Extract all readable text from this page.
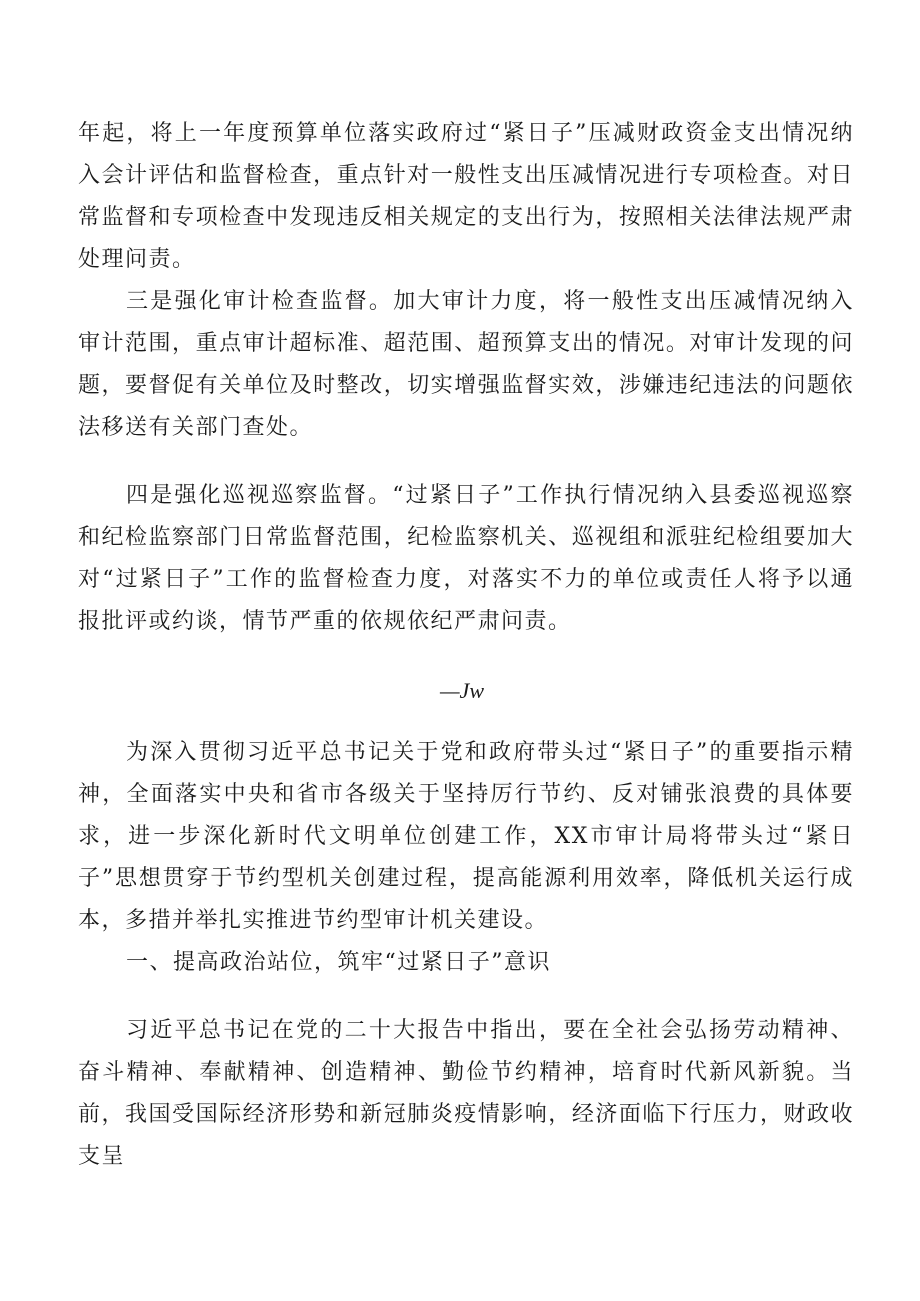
年起，将上一年度预算单位落实政府过“紧日子”压减财政资金支出情况纳入会计评估和监督检查，重点针对一般性支出压减情况进行专项检查。对日常监督和专项检查中发现违反相关规定的支出行为，按照相关法律法规严肃处理问责。

三是强化审计检查监督。加大审计力度，将一般性支出压减情况纳入审计范围，重点审计超标准、超范围、超预算支出的情况。对审计发现的问题，要督促有关单位及时整改，切实增强监督实效，涉嫌违纪违法的问题依法移送有关部门查处。

四是强化巡视巡察监督。“过紧日子”工作执行情况纳入县委巡视巡察和纪检监察部门日常监督范围，纪检监察机关、巡视组和派驻纪检组要加大对“过紧日子”工作的监督检查力度，对落实不力的单位或责任人将予以通报批评或约谈，情节严重的依规依纪严肃问责。

—Jw

为深入贯彻习近平总书记关于党和政府带头过“紧日子”的重要指示精神，全面落实中央和省市各级关于坚持厉行节约、反对铺张浪费的具体要求，进一步深化新时代文明单位创建工作，XX市审计局将带头过“紧日子”思想贯穿于节约型机关创建过程，提高能源利用效率，降低机关运行成本，多措并举扎实推进节约型审计机关建设。

一、提高政治站位，筑牢“过紧日子”意识

习近平总书记在党的二十大报告中指出，要在全社会弘扬劳动精神、奋斗精神、奉献精神、创造精神、勤俭节约精神，培育时代新风新貌。当前，我国受国际经济形势和新冠肺炎疫情影响，经济面临下行压力，财政收支呈
